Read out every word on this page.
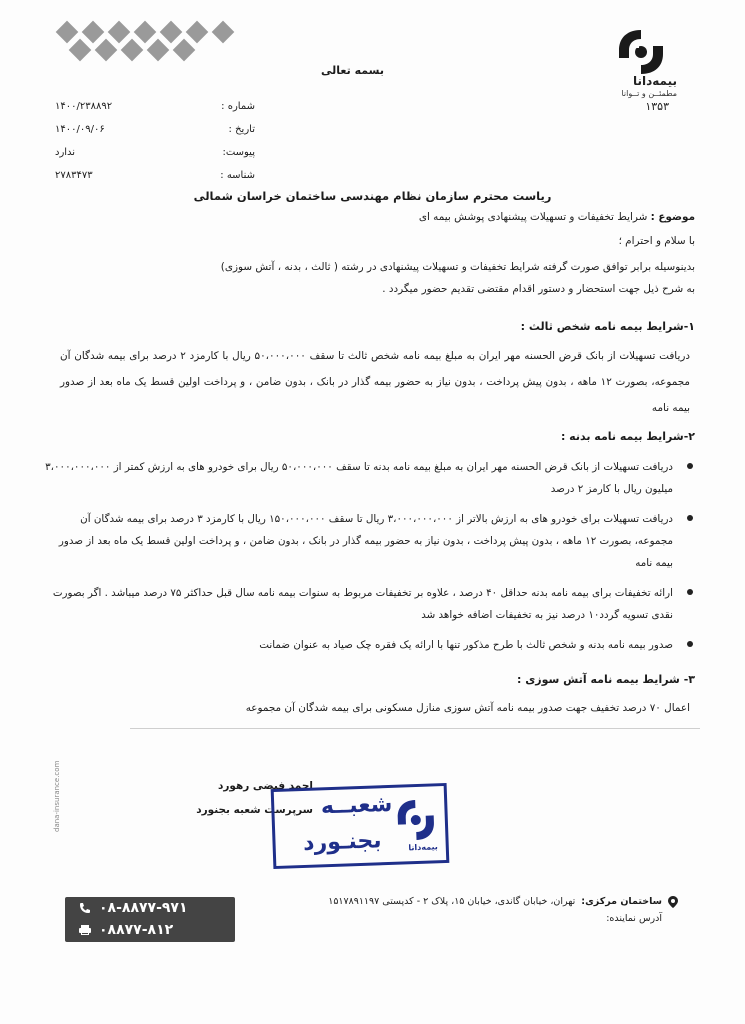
بیمه‌دانا
مطمئــن و تــوانا
۱۳۵۳
بسمه تعالی
شماره :
۱۴۰۰/۲۳۸۸۹۲
تاریخ :
۱۴۰۰/۰۹/۰۶
پیوست:
ندارد
شناسه :
۲۷۸۳۴۷۳
ریاست محترم سازمان نظام مهندسی ساختمان خراسان شمالی
موضوع : شرایط تخفیفات و تسهیلات پیشنهادی پوشش بیمه ای
با سلام و احترام ؛
بدینوسیله برابر توافق صورت گرفته شرایط تخفیفات و تسهیلات پیشنهادی در رشته ( ثالث ، بدنه ، آتش سوزی)
به شرح ذیل جهت استحضار و دستور اقدام مقتضی تقدیم حضور میگردد .
۱-شرایط بیمه نامه شخص ثالث :
دریافت تسهیلات از بانک قرض الحسنه مهر ایران به مبلغ بیمه نامه شخص ثالث تا سقف ۵۰،۰۰۰،۰۰۰ ریال با کارمزد ۲ درصد برای بیمه شدگان آن مجموعه، بصورت ۱۲ ماهه ، بدون پیش پرداخت ، بدون نیاز به حضور بیمه گذار در بانک ، بدون ضامن ، و پرداخت اولین قسط یک ماه بعد از صدور بیمه نامه
۲-شرایط بیمه نامه بدنه :
دریافت تسهیلات از بانک قرض الحسنه مهر ایران به مبلغ بیمه نامه بدنه تا سقف ۵۰،۰۰۰،۰۰۰ ریال برای خودرو های به ارزش کمتر از ۳،۰۰۰،۰۰۰،۰۰۰ میلیون ریال با کارمز ۲ درصد
دریافت تسهیلات برای خودرو های به ارزش بالاتر از ۳،۰۰۰،۰۰۰،۰۰۰ ریال تا سقف ۱۵۰،۰۰۰،۰۰۰ ریال با کارمزد ۳ درصد برای بیمه شدگان آن مجموعه، بصورت ۱۲ ماهه ، بدون پیش پرداخت ، بدون نیاز به حضور بیمه گذار در بانک ، بدون ضامن ، و پرداخت اولین قسط یک ماه بعد از صدور بیمه نامه
ارائه تخفیفات برای بیمه نامه بدنه حداقل ۴۰ درصد ، علاوه بر تخفیفات مربوط به سنوات بیمه نامه سال قبل حداکثر ۷۵ درصد میباشد . اگر بصورت نقدی تسویه گردد۱۰ درصد نیز به تخفیفات اضافه خواهد شد
صدور بیمه نامه بدنه و شخص ثالث با طرح مذکور تنها با ارائه یک فقره چک صیاد به عنوان ضمانت
۳- شرایط بیمه نامه آتش سوزی :
اعمال ۷۰ درصد تخفیف جهت صدور بیمه نامه آتش سوزی منازل مسکونی برای بیمه شدگان آن مجموعه
احمد فیضی رهورد
سرپرست شعبه بجنورد
بیمه‌دانا
شعبــه
بجنـورد
dana-insurance.com
ساختمان مرکزی:
تهران، خیابان گاندی، خیابان ۱۵، پلاک ۲ - کدپستی ۱۵۱۷۸۹۱۱۹۷
آدرس نماینده:
۰۸-۸۸۷۷-۹۷۱
۰۸۸۷۷-۸۱۲
